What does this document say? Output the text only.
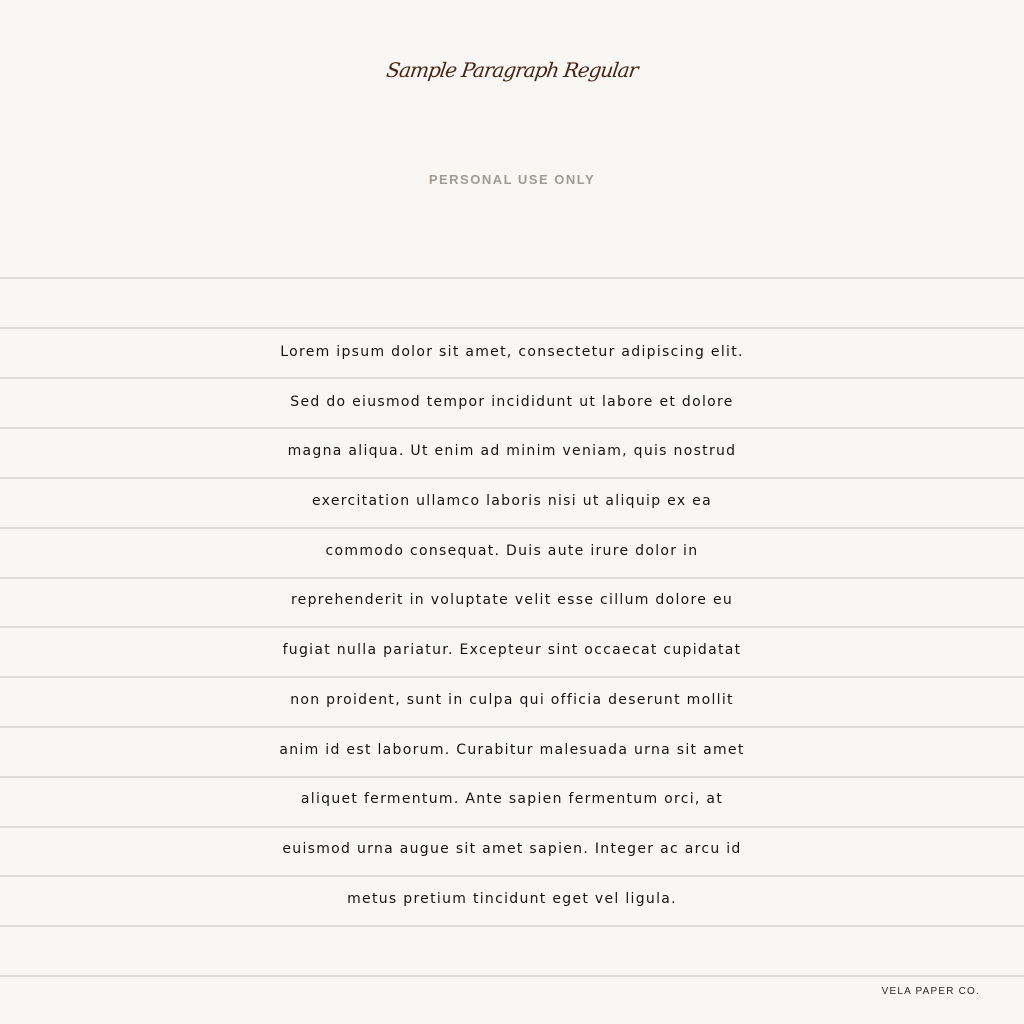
Sample Paragraph Regular
PERSONAL USE ONLY
Lorem ipsum dolor sit amet, consectetur adipiscing elit.
Sed do eiusmod tempor incididunt ut labore et dolore
magna aliqua. Ut enim ad minim veniam, quis nostrud
exercitation ullamco laboris nisi ut aliquip ex ea
commodo consequat. Duis aute irure dolor in
reprehenderit in voluptate velit esse cillum dolore eu
fugiat nulla pariatur. Excepteur sint occaecat cupidatat
non proident, sunt in culpa qui officia deserunt mollit
anim id est laborum. Curabitur malesuada urna sit amet
aliquet fermentum. Ante sapien fermentum orci, at
euismod urna augue sit amet sapien. Integer ac arcu id
metus pretium tincidunt eget vel ligula.
VELA PAPER CO.
